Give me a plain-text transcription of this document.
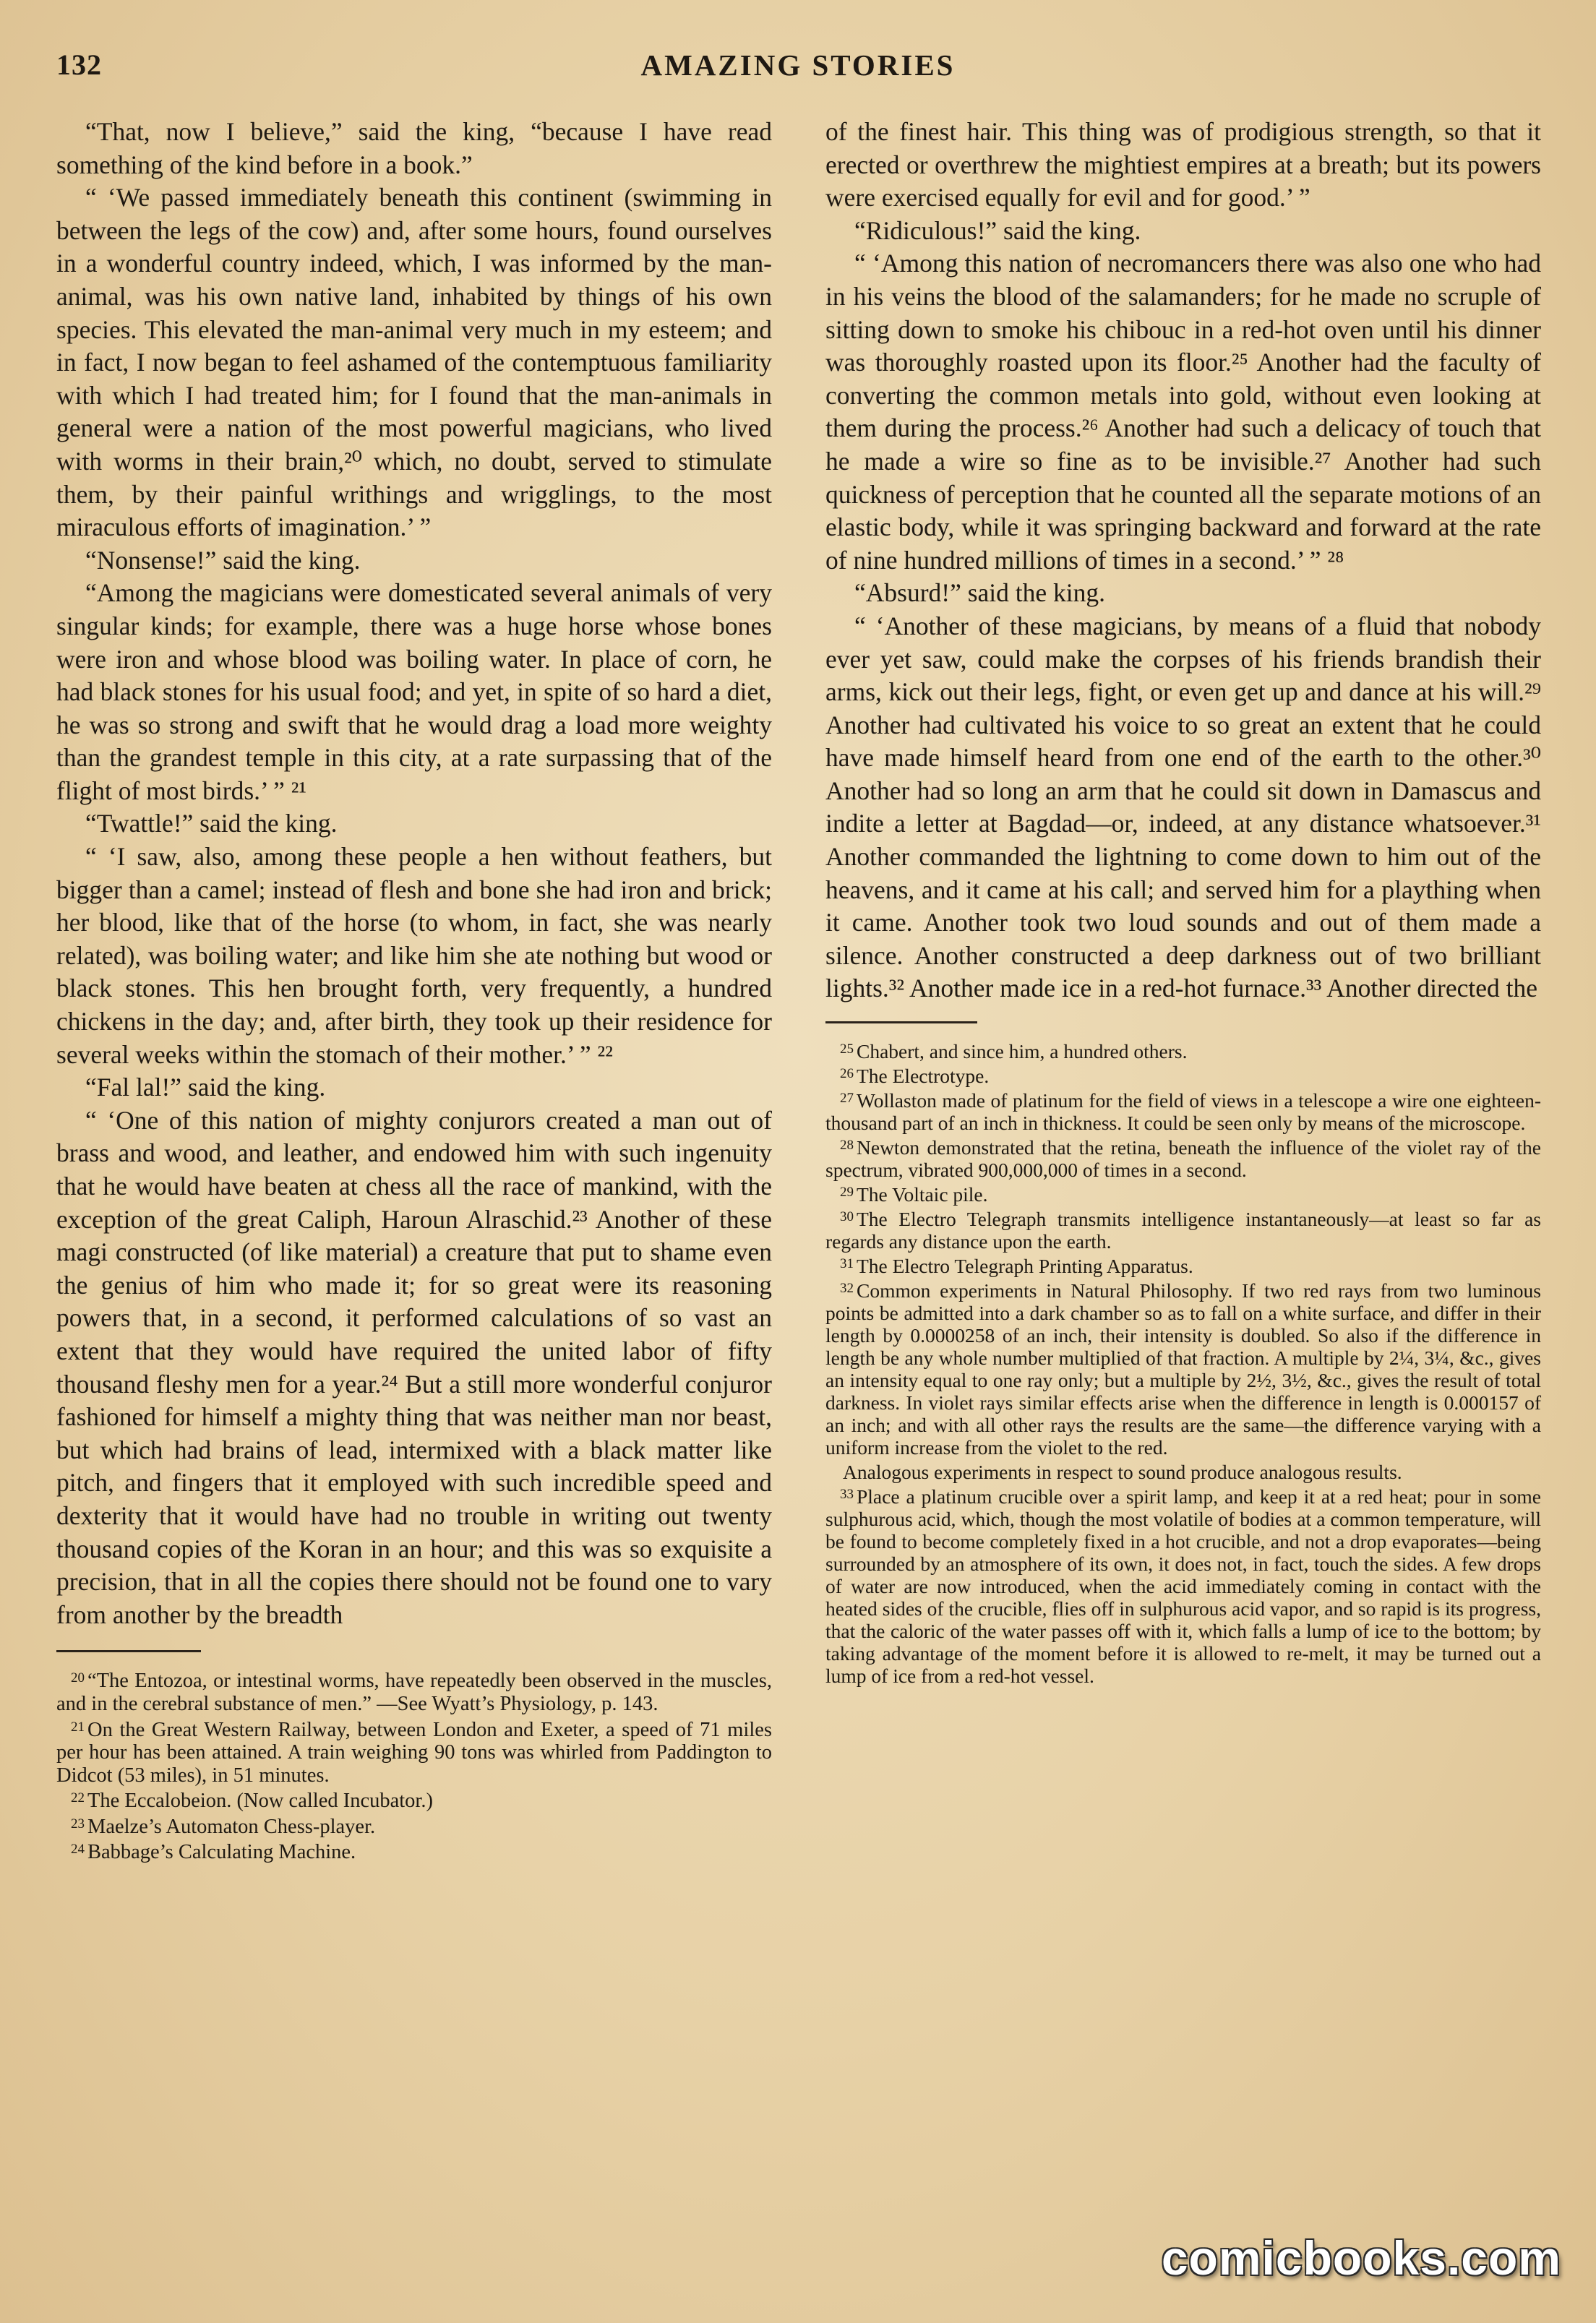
132	AMAZING STORIES

“That, now I believe,” said the king, “because I have read something of the kind before in a book.”

“ ‘We passed immediately beneath this continent (swimming in between the legs of the cow) and, after some hours, found ourselves in a wonderful country indeed, which, I was informed by the man-animal, was his own native land, inhabited by things of his own species. This elevated the man-animal very much in my esteem; and in fact, I now began to feel ashamed of the contemptuous familiarity with which I had treated him; for I found that the man-animals in general were a nation of the most powerful magicians, who lived with worms in their brain,²⁰ which, no doubt, served to stimulate them, by their painful writhings and wrigglings, to the most miraculous efforts of imagination.’ ”

“Nonsense!” said the king.

“Among the magicians were domesticated several animals of very singular kinds; for example, there was a huge horse whose bones were iron and whose blood was boiling water. In place of corn, he had black stones for his usual food; and yet, in spite of so hard a diet, he was so strong and swift that he would drag a load more weighty than the grandest temple in this city, at a rate surpassing that of the flight of most birds.’ ” ²¹

“Twattle!” said the king.

“ ‘I saw, also, among these people a hen without feathers, but bigger than a camel; instead of flesh and bone she had iron and brick; her blood, like that of the horse (to whom, in fact, she was nearly related), was boiling water; and like him she ate nothing but wood or black stones. This hen brought forth, very frequently, a hundred chickens in the day; and, after birth, they took up their residence for several weeks within the stomach of their mother.’ ” ²²

“Fal lal!” said the king.

“ ‘One of this nation of mighty conjurors created a man out of brass and wood, and leather, and endowed him with such ingenuity that he would have beaten at chess all the race of mankind, with the exception of the great Caliph, Haroun Alraschid.²³ Another of these magi constructed (of like material) a creature that put to shame even the genius of him who made it; for so great were its reasoning powers that, in a second, it performed calculations of so vast an extent that they would have required the united labor of fifty thousand fleshy men for a year.²⁴ But a still more wonderful conjuror fashioned for himself a mighty thing that was neither man nor beast, but which had brains of lead, intermixed with a black matter like pitch, and fingers that it employed with such incredible speed and dexterity that it would have had no trouble in writing out twenty thousand copies of the Koran in an hour; and this was so exquisite a precision, that in all the copies there should not be found one to vary from another by the breadth

$^{20}$ “The Entozoa, or intestinal worms, have repeatedly been observed in the muscles, and in the cerebral substance of men.” —See Wyatt’s Physiology, p. 143.

$^{21}$ On the Great Western Railway, between London and Exeter, a speed of 71 miles per hour has been attained. A train weighing 90 tons was whirled from Paddington to Didcot (53 miles), in 51 minutes.

$^{22}$ The Eccalobeion. (Now called Incubator.)

$^{23}$ Maelze’s Automaton Chess-player.

$^{24}$ Babbage’s Calculating Machine.

of the finest hair. This thing was of prodigious strength, so that it erected or overthrew the mightiest empires at a breath; but its powers were exercised equally for evil and for good.’ ”

“Ridiculous!” said the king.

“ ‘Among this nation of necromancers there was also one who had in his veins the blood of the salamanders; for he made no scruple of sitting down to smoke his chibouc in a red-hot oven until his dinner was thoroughly roasted upon its floor.²⁵ Another had the faculty of converting the common metals into gold, without even looking at them during the process.²⁶ Another had such a delicacy of touch that he made a wire so fine as to be invisible.²⁷ Another had such quickness of perception that he counted all the separate motions of an elastic body, while it was springing backward and forward at the rate of nine hundred millions of times in a second.’ ” ²⁸

“Absurd!” said the king.

“ ‘Another of these magicians, by means of a fluid that nobody ever yet saw, could make the corpses of his friends brandish their arms, kick out their legs, fight, or even get up and dance at his will.²⁹ Another had cultivated his voice to so great an extent that he could have made himself heard from one end of the earth to the other.³⁰ Another had so long an arm that he could sit down in Damascus and indite a letter at Bagdad—or, indeed, at any distance whatsoever.³¹ Another commanded the lightning to come down to him out of the heavens, and it came at his call; and served him for a plaything when it came. Another took two loud sounds and out of them made a silence. Another constructed a deep darkness out of two brilliant lights.³² Another made ice in a red-hot furnace.³³ Another directed the

$^{25}$ Chabert, and since him, a hundred others.

$^{26}$ The Electrotype.

$^{27}$ Wollaston made of platinum for the field of views in a telescope a wire one eighteen-thousand part of an inch in thickness. It could be seen only by means of the microscope.

$^{28}$ Newton demonstrated that the retina, beneath the influence of the violet ray of the spectrum, vibrated 900,000,000 of times in a second.

$^{29}$ The Voltaic pile.

$^{30}$ The Electro Telegraph transmits intelligence instantaneously—at least so far as regards any distance upon the earth.

$^{31}$ The Electro Telegraph Printing Apparatus.

$^{32}$ Common experiments in Natural Philosophy. If two red rays from two luminous points be admitted into a dark chamber so as to fall on a white surface, and differ in their length by 0.0000258 of an inch, their intensity is doubled. So also if the difference in length be any whole number multiplied of that fraction. A multiple by 2¼, 3¼, &c., gives an intensity equal to one ray only; but a multiple by 2½, 3½, &c., gives the result of total darkness. In violet rays similar effects arise when the difference in length is 0.000157 of an inch; and with all other rays the results are the same—the difference varying with a uniform increase from the violet to the red.

Analogous experiments in respect to sound produce analogous results.

$^{33}$ Place a platinum crucible over a spirit lamp, and keep it at a red heat; pour in some sulphurous acid, which, though the most volatile of bodies at a common temperature, will be found to become completely fixed in a hot crucible, and not a drop evaporates—being surrounded by an atmosphere of its own, it does not, in fact, touch the sides. A few drops of water are now introduced, when the acid immediately coming in contact with the heated sides of the crucible, flies off in sulphurous acid vapor, and so rapid is its progress, that the caloric of the water passes off with it, which falls a lump of ice to the bottom; by taking advantage of the moment before it is allowed to re-melt, it may be turned out a lump of ice from a red-hot vessel.

comicbooks.com
